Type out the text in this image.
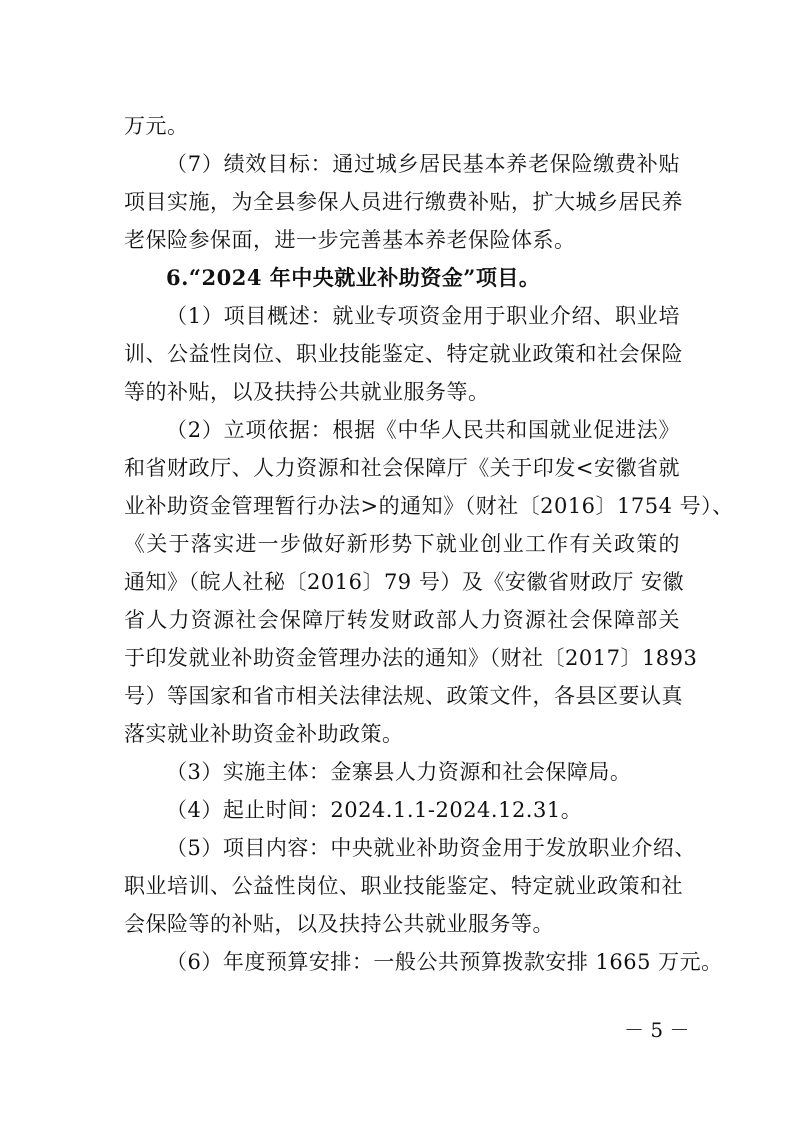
万元。
（7）绩效目标：通过城乡居民基本养老保险缴费补贴
项目实施，为全县参保人员进行缴费补贴，扩大城乡居民养
老保险参保面，进一步完善基本养老保险体系。
6.“2024 年中央就业补助资金”项目。
（1）项目概述：就业专项资金用于职业介绍、职业培
训、公益性岗位、职业技能鉴定、特定就业政策和社会保险
等的补贴，以及扶持公共就业服务等。
（2）立项依据：根据《中华人民共和国就业促进法》
和省财政厅、人力资源和社会保障厅《关于印发<安徽省就
业补助资金管理暂行办法>的通知》（财社〔2016〕1754 号）、
《关于落实进一步做好新形势下就业创业工作有关政策的
通知》（皖人社秘〔2016〕79 号）及《安徽省财政厅 安徽
省人力资源社会保障厅转发财政部人力资源社会保障部关
于印发就业补助资金管理办法的通知》（财社〔2017〕1893
号）等国家和省市相关法律法规、政策文件，各县区要认真
落实就业补助资金补助政策。
（3）实施主体：金寨县人力资源和社会保障局。
（4）起止时间：2024.1.1-2024.12.31。
（5）项目内容：中央就业补助资金用于发放职业介绍、
职业培训、公益性岗位、职业技能鉴定、特定就业政策和社
会保险等的补贴，以及扶持公共就业服务等。
（6）年度预算安排：一般公共预算拨款安排 1665 万元。
－ 5 －
